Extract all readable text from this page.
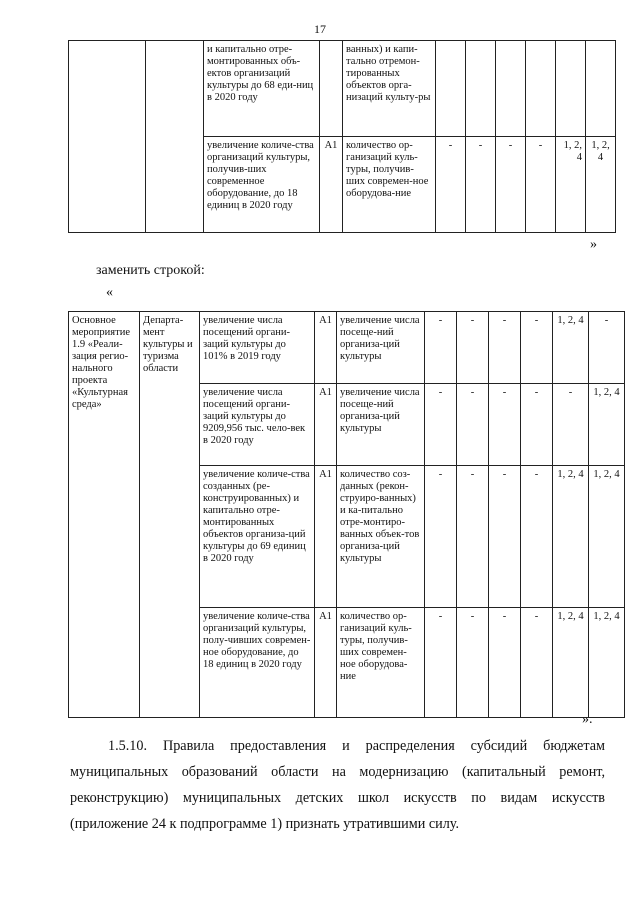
17
		и капитально отре-монтированных объ-ектов организаций культуры до 68 еди-ниц в 2020 году		ванных) и капи-тально отремон-тированных объектов орга-низаций культу-ры						
		увеличение количе-ства организаций культуры, получив-ших современное оборудование, до 18 единиц в 2020 году	А1	количество ор-ганизаций куль-туры, получив-ших современ-ное оборудова-ние	-	-	-	-	1, 2, 4	1, 2, 4
»
заменить строкой:
«
Основное мероприятие 1.9 «Реали-зация регио-нального проекта «Культурная среда»	Департа-мент культуры и туризма области	увеличение числа посещений органи-заций культуры до 101% в 2019 году	А1	увеличение числа посеще-ний организа-ций культуры	-	-	-	-	1, 2, 4	-
		увеличение числа посещений органи-заций культуры до 9209,956 тыс. чело-век в 2020 году	А1	увеличение числа посеще-ний организа-ций культуры	-	-	-	-	-	1, 2, 4
		увеличение количе-ства созданных (ре-конструированных) и капитально отре-монтированных объектов организа-ций культуры до 69 единиц в 2020 году	А1	количество соз-данных (рекон-струиро-ванных) и ка-питально отре-монтиро-ванных объек-тов организа-ций культуры	-	-	-	-	1, 2, 4	1, 2, 4
		увеличение количе-ства организаций культуры, полу-чивших современ-ное оборудование, до 18 единиц в 2020 году	А1	количество ор-ганизаций куль-туры, получив-ших современ-ное оборудова-ние	-	-	-	-	1, 2, 4	1, 2, 4
».
1.5.10. Правила предоставления и распределения субсидий бюджетам муниципальных образований области на модернизацию (капитальный ремонт, реконструкцию) муниципальных детских школ искусств по видам искусств (приложение 24 к подпрограмме 1) признать утратившими силу.
